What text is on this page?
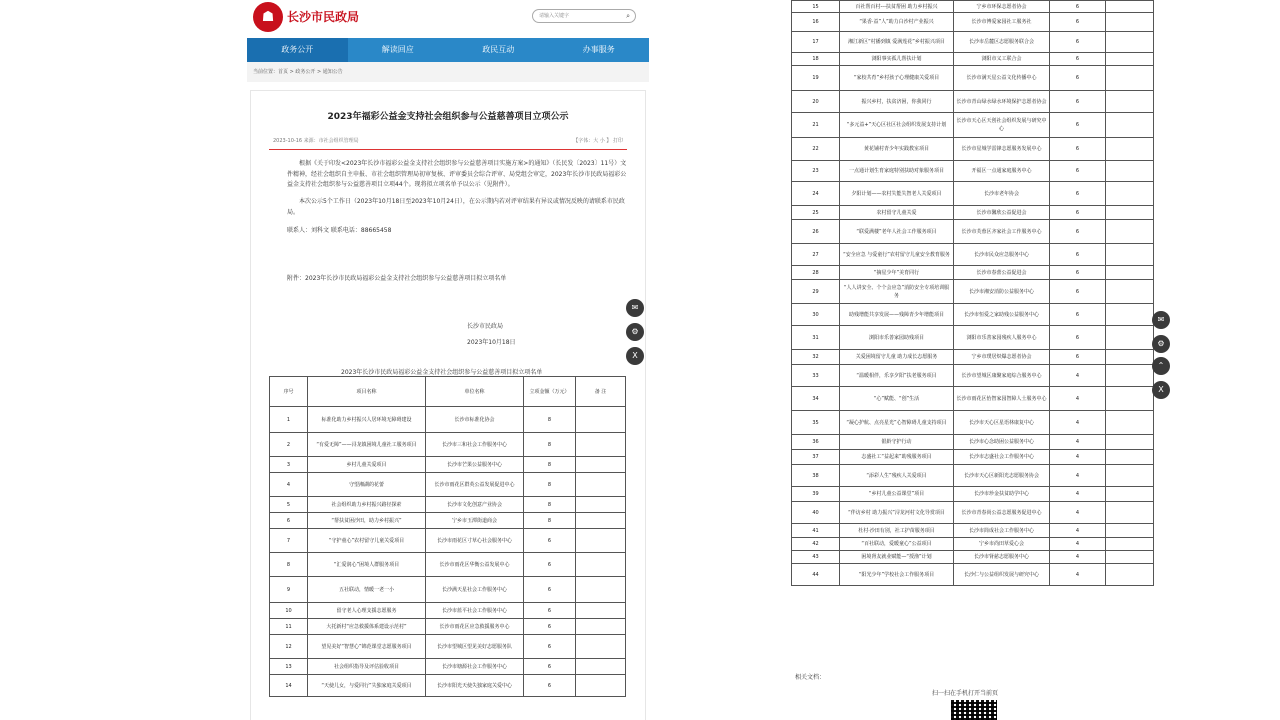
☗	长沙市民政局	请输入关键字	⌕
政务公开	解读回应	政民互动	办事服务
当前位置：首页 > 政务公开 > 通知公告
2023年福彩公益金支持社会组织参与公益慈善项目立项公示
2023-10-16 来源：市社会组织管理局	【字体：大 小 】 打印
根据《关于印发<2023年长沙市福彩公益金支持社会组织参与公益慈善项目实施方案>的通知》（长民发〔2023〕11号）文件精神，经社会组织自主申报、市社会组织管理局初审复核、评审委员会综合评审、局党组会审定，2023年长沙市民政局福彩公益金支持社会组织参与公益慈善项目立项44个。现将拟立项名单予以公示（见附件）。
本次公示5个工作日（2023年10月18日至2023年10月24日），在公示期内若对评审结果有异议或情况反映的请联系市民政局。
联系人：刘科文 联系电话：88665458
附件：2023年长沙市民政局福彩公益金支持社会组织参与公益慈善项目拟立项名单
长沙市民政局
2023年10月18日
2023年长沙市民政局福彩公益金支持社会组织参与公益慈善项目拟立项名单
序号	项目名称	单位名称	立项金额（万元）	备 注
1	标准化助力乡村振兴人居环境无障碍建设	长沙市标准化协会	8	
2	“有爱无障”——浔龙镇困境儿童社工服务项目	长沙市三和社会工作服务中心	8	
3	乡村儿童关爱项目	长沙市芒果公益服务中心	8	
4	守望湘湖的花蕾	长沙市雨花区群英公益发展促进中心	8	
5	社会组织助力乡村振兴路径探索	长沙市文化创意产业协会	8	
6	“帮扶贫困沙田，助力乡村振兴”	宁乡市玉潭街道商会	8	
7	“守护童心”农村留守儿童关爱项目	长沙市雨花区寸草心社会服务中心	6	
8	“汇爱润心”困境人群服务项目	长沙市雨花区华衡公益发展中心	6	
9	五社联动，情暖一老一小	长沙满天星社会工作服务中心	6	
10	留守老人心理支援志愿服务	长沙市蓝平社会工作服务中心	6	
11	大托新村“应急救援体系建设示范村”	长沙市雨花区应急救援服务中心	6	
12	望见美好“智慧心”锦范课堂志愿服务项目	长沙市望城区望见美好志愿服务队	6	
13	社会组织指导及评估验收项目	长沙市塘源社会工作服务中心	6	
14	“天使儿女，与爱同行”失独家庭关爱项目	长沙市阳光天使失独家庭关爱中心	6	
15	百社帮百村---扶贫帮困 助力乡村振兴	宁乡市环保志愿者协会	6	
16	“果香·益”人”助力白沙村产业振兴	长沙市博爱家园社工服务社	6	
17	湘江新区“村播到镇 爱满莲花”乡村振兴项目	长沙市岳麓区志愿服务联合会	6	
18	浏阳事实孤儿帮扶计划	浏阳市义工联合会	6	
19	“家校共育”乡村孩子心理健康关爱项目	长沙市满天星公益文化传播中心	6	
20	振兴乡村，扶贫济困，你我同行	长沙市青山绿水绿水环境保护志愿者协会	6	
21	“多元益+”天心区社区社会组织发展支持计划	长沙市天心区天创社会组织发展与研究中心	6	
22	黄花铺村青少年实践教室项目	长沙市星城学雷锋志愿服务发展中心	6	
23	一点通计划生育家庭特别扶助对象服务项目	开福区一点通家庭服务中心	6	
24	夕阳计划——农村失能失智老人关爱项目	长沙市老年协会	6	
25	农村留守儿童关爱	长沙市馨欣公益促进会	6	
26	“联爱满楼”老年人社会工作服务项目	长沙市芙蓉区齐家社会工作服务中心	6	
27	“安全应急 与爱童行”农村留守儿童安全教育服务	长沙市民众应急服务中心	6	
28	“摘星少年”美育同行	长沙市春蕾公益促进会	6	
29	“人人讲安全、个个会应急”消防安全专项培训服务	长沙市湘安消防公益服务中心	6	
30	助残增能共享发展——残障青少年增能项目	长沙市恒爱之家助残公益服务中心	6	
31	浏阳市乐善家园助残项目	浏阳市乐善家园残疾人服务中心	6	
32	关爱困境留守儿童 助力成长志愿服务	宁乡市璞居炽爆志愿者协会	6	
33	“温暖相伴，乐享夕阳”扶老服务项目	长沙市望城区康聚家庭综合服务中心	4	
34	“心”赋能、“创”生活	长沙市雨花区怡智家园智障人士服务中心	4	
35	“凝心护航、点亮星光”心智障碍儿童支持项目	长沙市天心区星语林康复中心	4	
36	银龄守护行动	长沙市心念助困公益服务中心	4	
37	志盛社工“益起来”助残服务项目	长沙市志盛社会工作服务中心	4	
38	“添彩人生”残疾人关爱项目	长沙市天心区新阳光志愿服务协会	4	
39	“乡村儿童公益课堂”项目	长沙市珍金扶贫助学中心	4	
40	“伴访乡村 助力振兴”浔龙河村文化导赏项目	长沙市青春尚公益志愿服务促进中心	4	
41	杜村·沙田有别，社工护苗服务项目	长沙市简成社会工作服务中心	4	
42	“百社联动，爱暖童心”公益项目	宁乡市尚田草爱心会	4	
43	困境肾友就业赋能—“授渔”计划	长沙市肾慈志愿服务中心	4	
44	“阳光少年”学校社会工作服务项目	长沙仁与公益组织发展与研究中心	4	
相关文档：
扫一扫在手机打开当前页
✉
⚙
X
✉
⚙
⌃
X
